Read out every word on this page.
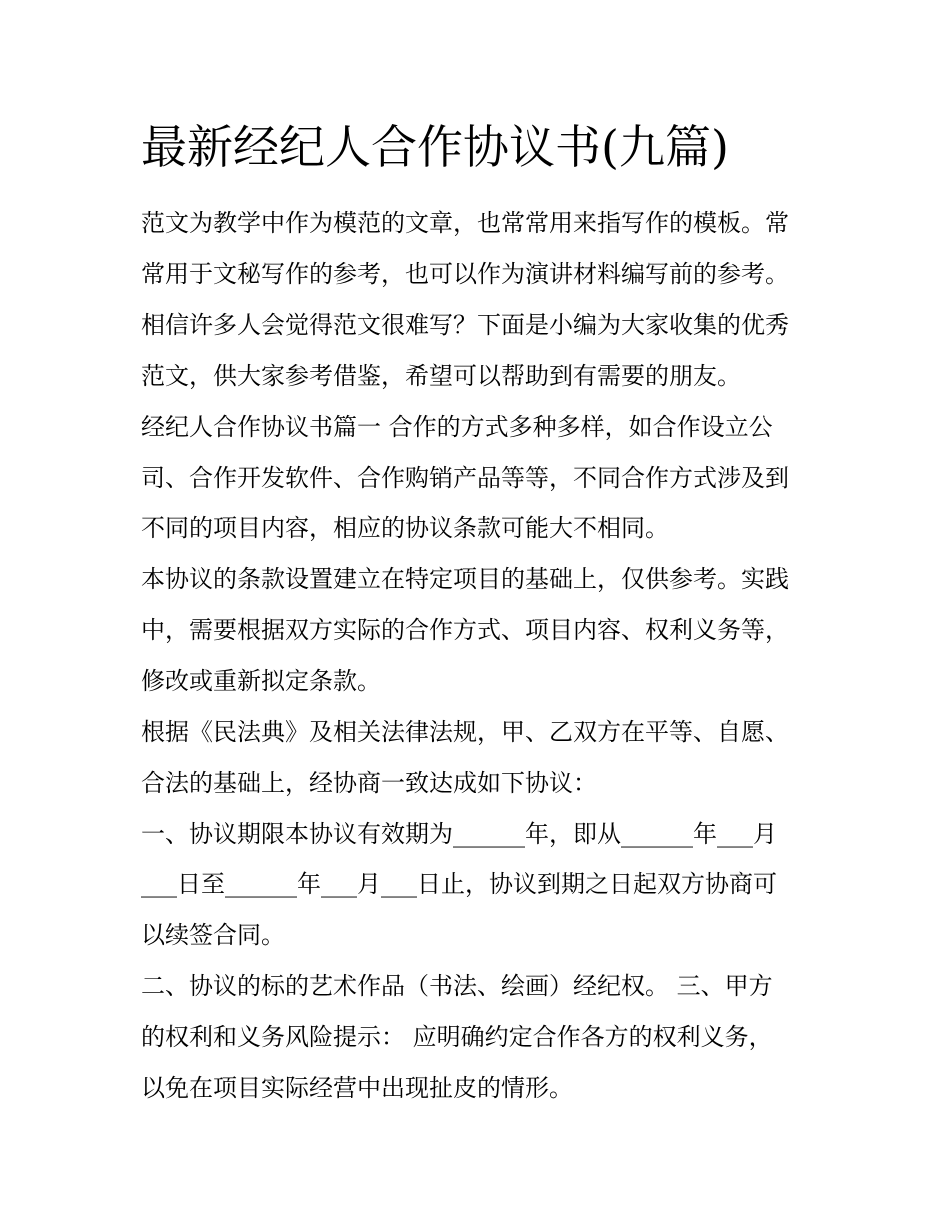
最新经纪人合作协议书(九篇)

范文为教学中作为模范的文章，也常常用来指写作的模板。常

常用于文秘写作的参考，也可以作为演讲材料编写前的参考。

相信许多人会觉得范文很难写？下面是小编为大家收集的优秀

范文，供大家参考借鉴，希望可以帮助到有需要的朋友。

经纪人合作协议书篇一 合作的方式多种多样，如合作设立公

司、合作开发软件、合作购销产品等等，不同合作方式涉及到

不同的项目内容，相应的协议条款可能大不相同。

本协议的条款设置建立在特定项目的基础上，仅供参考。实践

中，需要根据双方实际的合作方式、项目内容、权利义务等，

修改或重新拟定条款。

根据《民法典》及相关法律法规，甲、乙双方在平等、自愿、

合法的基础上，经协商一致达成如下协议：

一、协议期限本协议有效期为______年，即从______年___月

___日至______年___月___日止，协议到期之日起双方协商可

以续签合同。

二、协议的标的艺术作品（书法、绘画）经纪权。 三、甲方

的权利和义务风险提示： 应明确约定合作各方的权利义务，

以免在项目实际经营中出现扯皮的情形。
